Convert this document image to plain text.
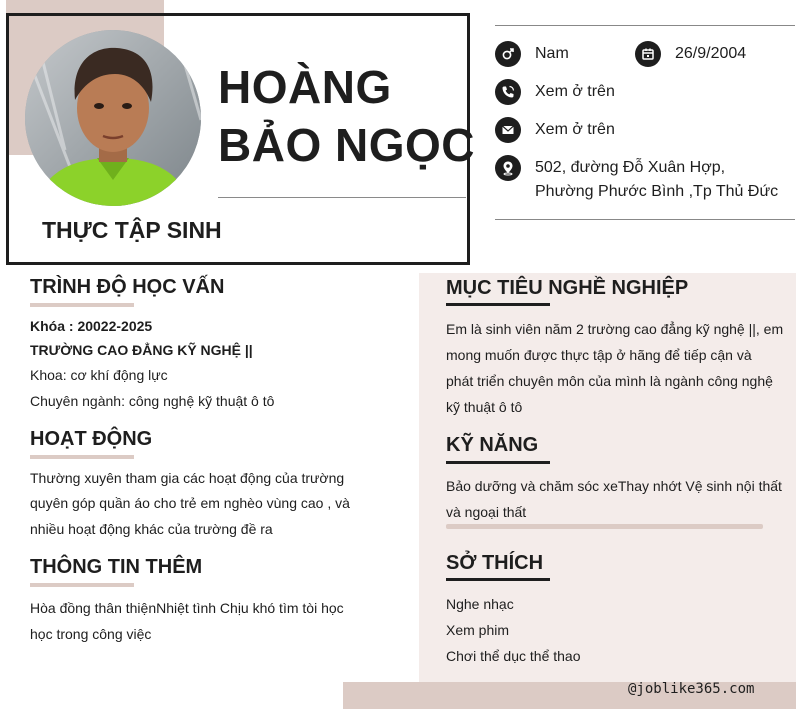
HOÀNG
BẢO NGỌC
THỰC TẬP SINH
Nam	26/9/2004
Xem ở trên
Xem ở trên
502, đường Đỗ Xuân Hợp,
Phường Phước Bình ,Tp Thủ Đức
TRÌNH ĐỘ HỌC VẤN
Khóa : 20022-2025
TRƯỜNG CAO ĐẲNG KỸ NGHỆ ||
Khoa: cơ khí động lực
Chuyên ngành: công nghệ kỹ thuật ô tô
HOẠT ĐỘNG
Thường xuyên tham gia các hoạt động của trường
quyên góp quần áo cho trẻ em nghèo vùng cao , và
nhiều hoạt động khác của trường đề ra
THÔNG TIN THÊM
Hòa đồng thân thiệnNhiệt tình Chịu khó tìm tòi học
học trong công việc
MỤC TIÊU NGHỀ NGHIỆP
Em là sinh viên năm 2 trường cao đẳng kỹ nghệ ||, em
mong muốn được thực tập ở hãng để tiếp cận và
phát triển chuyên môn của mình là ngành công nghệ
kỹ thuật ô tô
KỸ NĂNG
Bảo dưỡng và chăm sóc xeThay nhớt Vệ sinh nội thất
và ngoại thất
SỞ THÍCH
Nghe nhạc
Xem phim
Chơi thể dục thể thao
@joblike365.com
